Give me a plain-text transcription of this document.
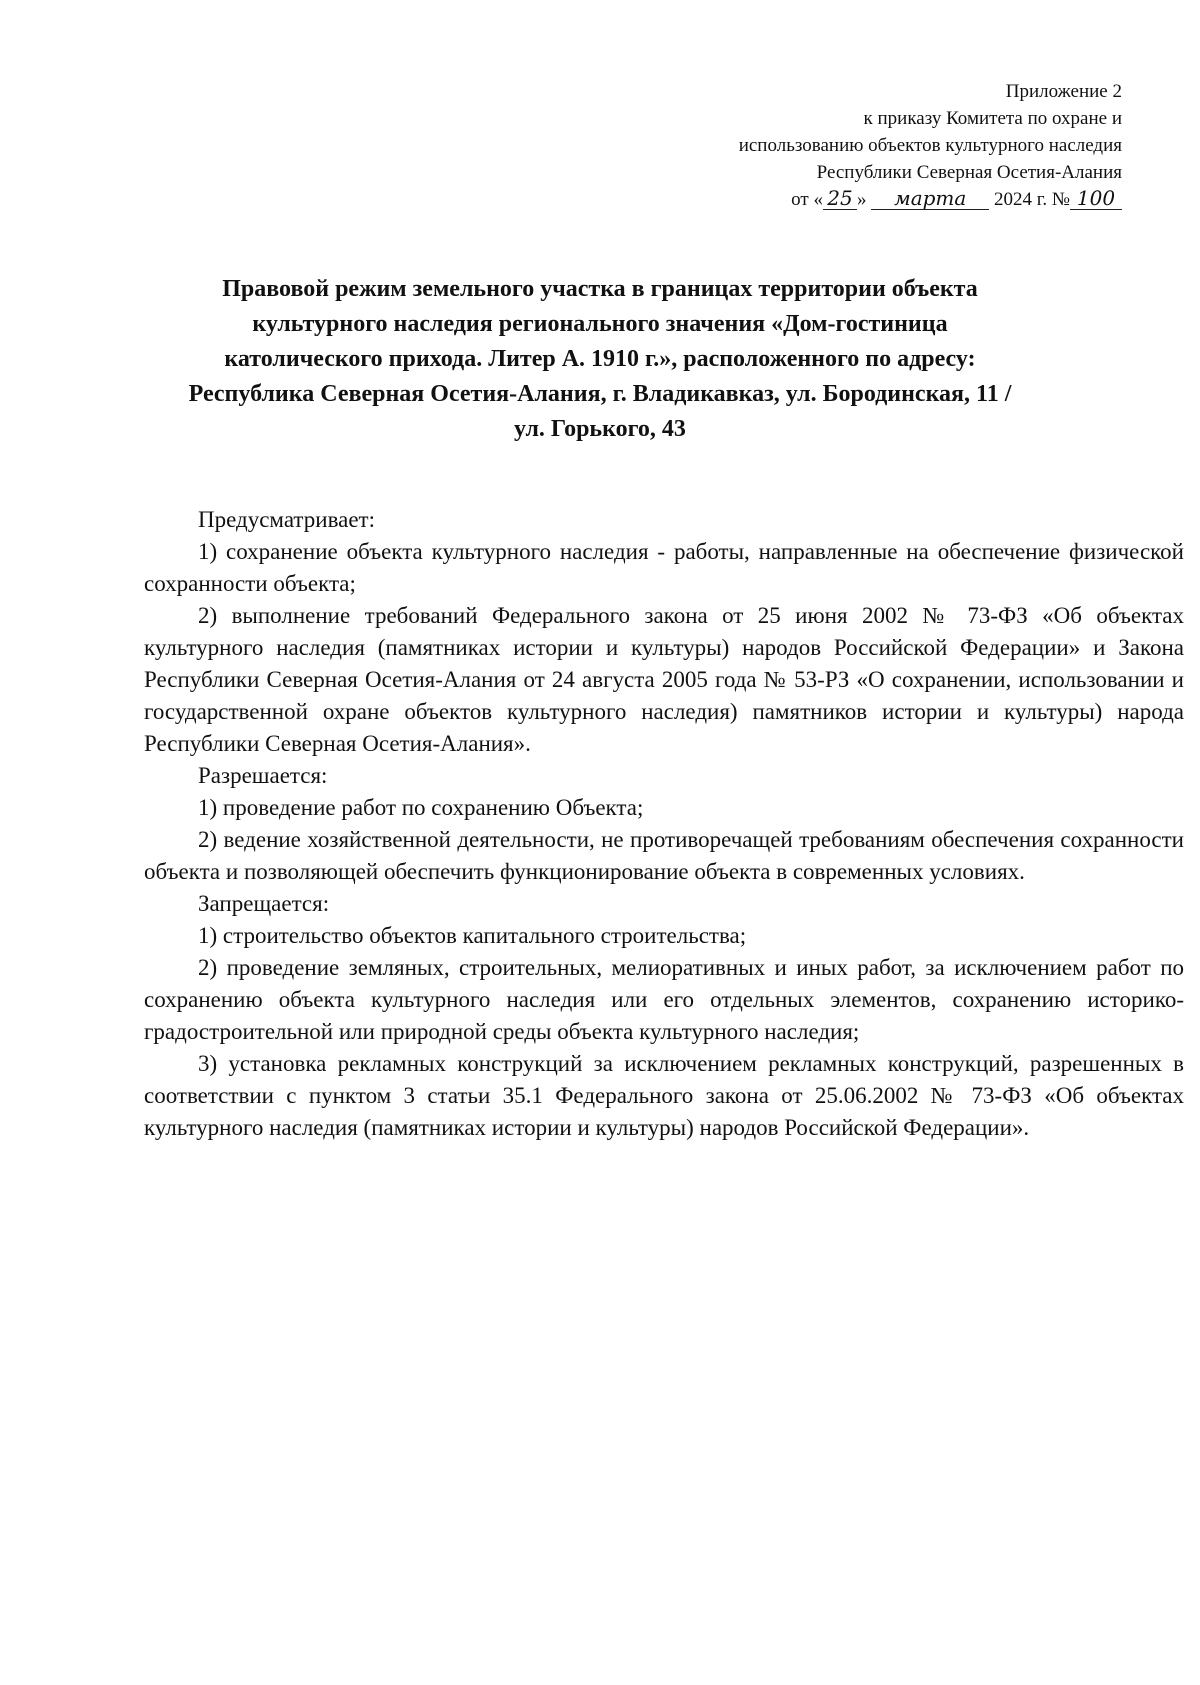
Приложение 2
к приказу Комитета по охране и
использованию объектов культурного наследия
Республики Северная Осетия-Алания
от « 25 » марта 2024 г. № 100
Правовой режим земельного участка в границах территории объекта
культурного наследия регионального значения «Дом-гостиница
католического прихода. Литер А. 1910 г.», расположенного по адресу:
Республика Северная Осетия-Алания, г. Владикавказ, ул. Бородинская, 11 /
ул. Горького, 43

Предусматривает:

1) сохранение объекта культурного наследия - работы, направленные на обеспечение физической сохранности объекта;

2) выполнение требований Федерального закона от 25 июня 2002 № 73-ФЗ «Об объектах культурного наследия (памятниках истории и культуры) народов Российской Федерации» и Закона Республики Северная Осетия-Алания от 24 августа 2005 года № 53-РЗ «О сохранении, использовании и государственной охране объектов культурного наследия) памятников истории и культуры) народа Республики Северная Осетия-Алания».

Разрешается:

1) проведение работ по сохранению Объекта;

2) ведение хозяйственной деятельности, не противоречащей требованиям обеспечения сохранности объекта и позволяющей обеспечить функционирование объекта в современных условиях.

Запрещается:

1) строительство объектов капитального строительства;

2) проведение земляных, строительных, мелиоративных и иных работ, за исключением работ по сохранению объекта культурного наследия или его отдельных элементов, сохранению историко-градостроительной или природной среды объекта культурного наследия;

3) установка рекламных конструкций за исключением рекламных конструкций, разрешенных в соответствии с пунктом 3 статьи 35.1 Федерального закона от 25.06.2002 № 73-ФЗ «Об объектах культурного наследия (памятниках истории и культуры) народов Российской Федерации».
